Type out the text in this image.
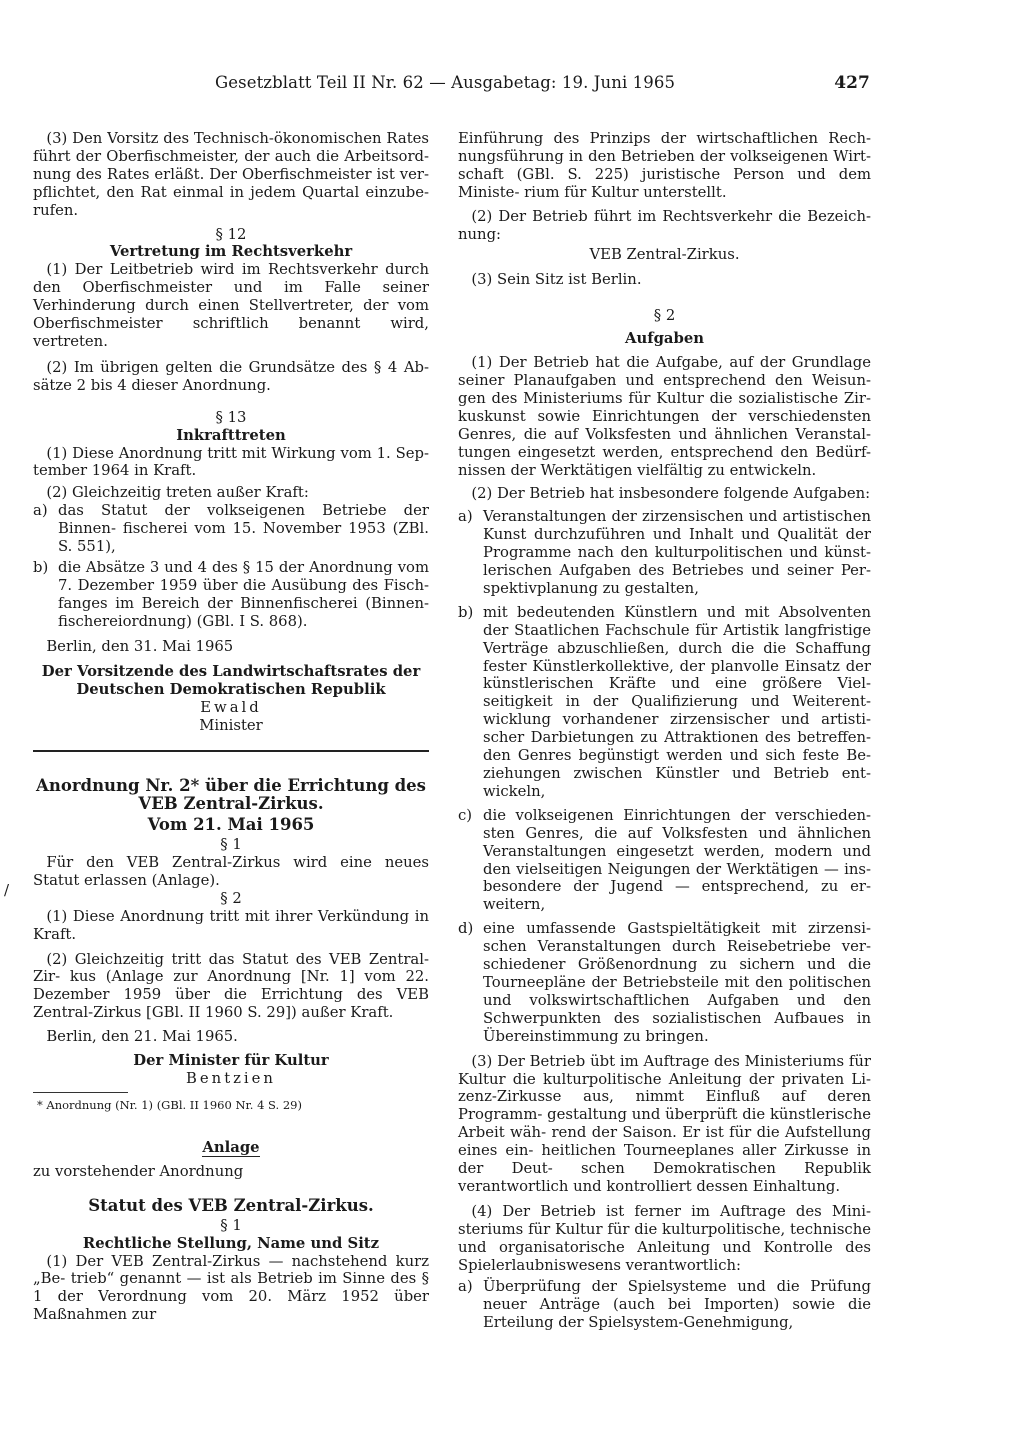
Gesetzblatt Teil II Nr. 62 — Ausgabetag: 19. Juni 1965	427
/

(3) Den Vorsitz des Technisch-ökonomischen Rates führt der Oberfischmeister, der auch die Arbeitsord- nung des Rates erläßt. Der Oberfischmeister ist ver- pflichtet, den Rat einmal in jedem Quartal einzube- rufen.

§ 12

Vertretung im Rechtsverkehr

(1) Der Leitbetrieb wird im Rechtsverkehr durch den Oberfischmeister und im Falle seiner Verhinderung durch einen Stellvertreter, der vom Oberfischmeister schriftlich benannt wird, vertreten.

(2) Im übrigen gelten die Grundsätze des § 4 Ab- sätze 2 bis 4 dieser Anordnung.

§ 13

Inkrafttreten

(1) Diese Anordnung tritt mit Wirkung vom 1. Sep- tember 1964 in Kraft.

(2) Gleichzeitig treten außer Kraft:

a) das Statut der volkseigenen Betriebe der Binnen- fischerei vom 15. November 1953 (ZBl. S. 551),
b) die Absätze 3 und 4 des § 15 der Anordnung vom 7. Dezember 1959 über die Ausübung des Fisch- fanges im Bereich der Binnenfischerei (Binnen- fischereiordnung) (GBl. I S. 868).

Berlin, den 31. Mai 1965

Der Vorsitzende des Landwirtschaftsrates der Deutschen Demokratischen Republik

Ewald

Minister

Anordnung Nr. 2* über die Errichtung des VEB Zentral-Zirkus.

Vom 21. Mai 1965

§ 1

Für den VEB Zentral-Zirkus wird eine neues Statut erlassen (Anlage).

§ 2

(1) Diese Anordnung tritt mit ihrer Verkündung in Kraft.

(2) Gleichzeitig tritt das Statut des VEB Zentral-Zir- kus (Anlage zur Anordnung [Nr. 1] vom 22. Dezember 1959 über die Errichtung des VEB Zentral-Zirkus [GBl. II 1960 S. 29]) außer Kraft.

Berlin, den 21. Mai 1965.

Der Minister für Kultur

Bentzien

* Anordnung (Nr. 1) (GBl. II 1960 Nr. 4 S. 29)

Anlage

zu vorstehender Anordnung

Statut des VEB Zentral-Zirkus.

§ 1

Rechtliche Stellung, Name und Sitz

(1) Der VEB Zentral-Zirkus — nachstehend kurz „Be- trieb“ genannt — ist als Betrieb im Sinne des § 1 der Verordnung vom 20. März 1952 über Maßnahmen zur

Einführung des Prinzips der wirtschaftlichen Rech- nungsführung in den Betrieben der volkseigenen Wirt- schaft (GBl. S. 225) juristische Person und dem Ministe- rium für Kultur unterstellt.

(2) Der Betrieb führt im Rechtsverkehr die Bezeich- nung:

VEB Zentral-Zirkus.

(3) Sein Sitz ist Berlin.

§ 2

Aufgaben

(1) Der Betrieb hat die Aufgabe, auf der Grundlage seiner Planaufgaben und entsprechend den Weisun- gen des Ministeriums für Kultur die sozialistische Zir- kuskunst sowie Einrichtungen der verschiedensten Genres, die auf Volksfesten und ähnlichen Veranstal- tungen eingesetzt werden, entsprechend den Bedürf- nissen der Werktätigen vielfältig zu entwickeln.

(2) Der Betrieb hat insbesondere folgende Aufgaben:

a) Veranstaltungen der zirzensischen und artistischen Kunst durchzuführen und Inhalt und Qualität der Programme nach den kulturpolitischen und künst- lerischen Aufgaben des Betriebes und seiner Per- spektivplanung zu gestalten,
b) mit bedeutenden Künstlern und mit Absolventen der Staatlichen Fachschule für Artistik langfristige Verträge abzuschließen, durch die die Schaffung fester Künstlerkollektive, der planvolle Einsatz der künstlerischen Kräfte und eine größere Viel- seitigkeit in der Qualifizierung und Weiterent- wicklung vorhandener zirzensischer und artisti- scher Darbietungen zu Attraktionen des betreffen- den Genres begünstigt werden und sich feste Be- ziehungen zwischen Künstler und Betrieb ent- wickeln,
c) die volkseigenen Einrichtungen der verschieden- sten Genres, die auf Volksfesten und ähnlichen Veranstaltungen eingesetzt werden, modern und den vielseitigen Neigungen der Werktätigen — ins- besondere der Jugend — entsprechend, zu er- weitern,
d) eine umfassende Gastspieltätigkeit mit zirzensi- schen Veranstaltungen durch Reisebetriebe ver- schiedener Größenordnung zu sichern und die Tourneepläne der Betriebsteile mit den politischen und volkswirtschaftlichen Aufgaben und den Schwerpunkten des sozialistischen Aufbaues in Übereinstimmung zu bringen.

(3) Der Betrieb übt im Auftrage des Ministeriums für Kultur die kulturpolitische Anleitung der privaten Li- zenz-Zirkusse aus, nimmt Einfluß auf deren Programm- gestaltung und überprüft die künstlerische Arbeit wäh- rend der Saison. Er ist für die Aufstellung eines ein- heitlichen Tourneeplanes aller Zirkusse in der Deut- schen Demokratischen Republik verantwortlich und kontrolliert dessen Einhaltung.

(4) Der Betrieb ist ferner im Auftrage des Mini- steriums für Kultur für die kulturpolitische, technische und organisatorische Anleitung und Kontrolle des Spielerlaubniswesens verantwortlich:

a) Überprüfung der Spielsysteme und die Prüfung neuer Anträge (auch bei Importen) sowie die Erteilung der Spielsystem-Genehmigung,
